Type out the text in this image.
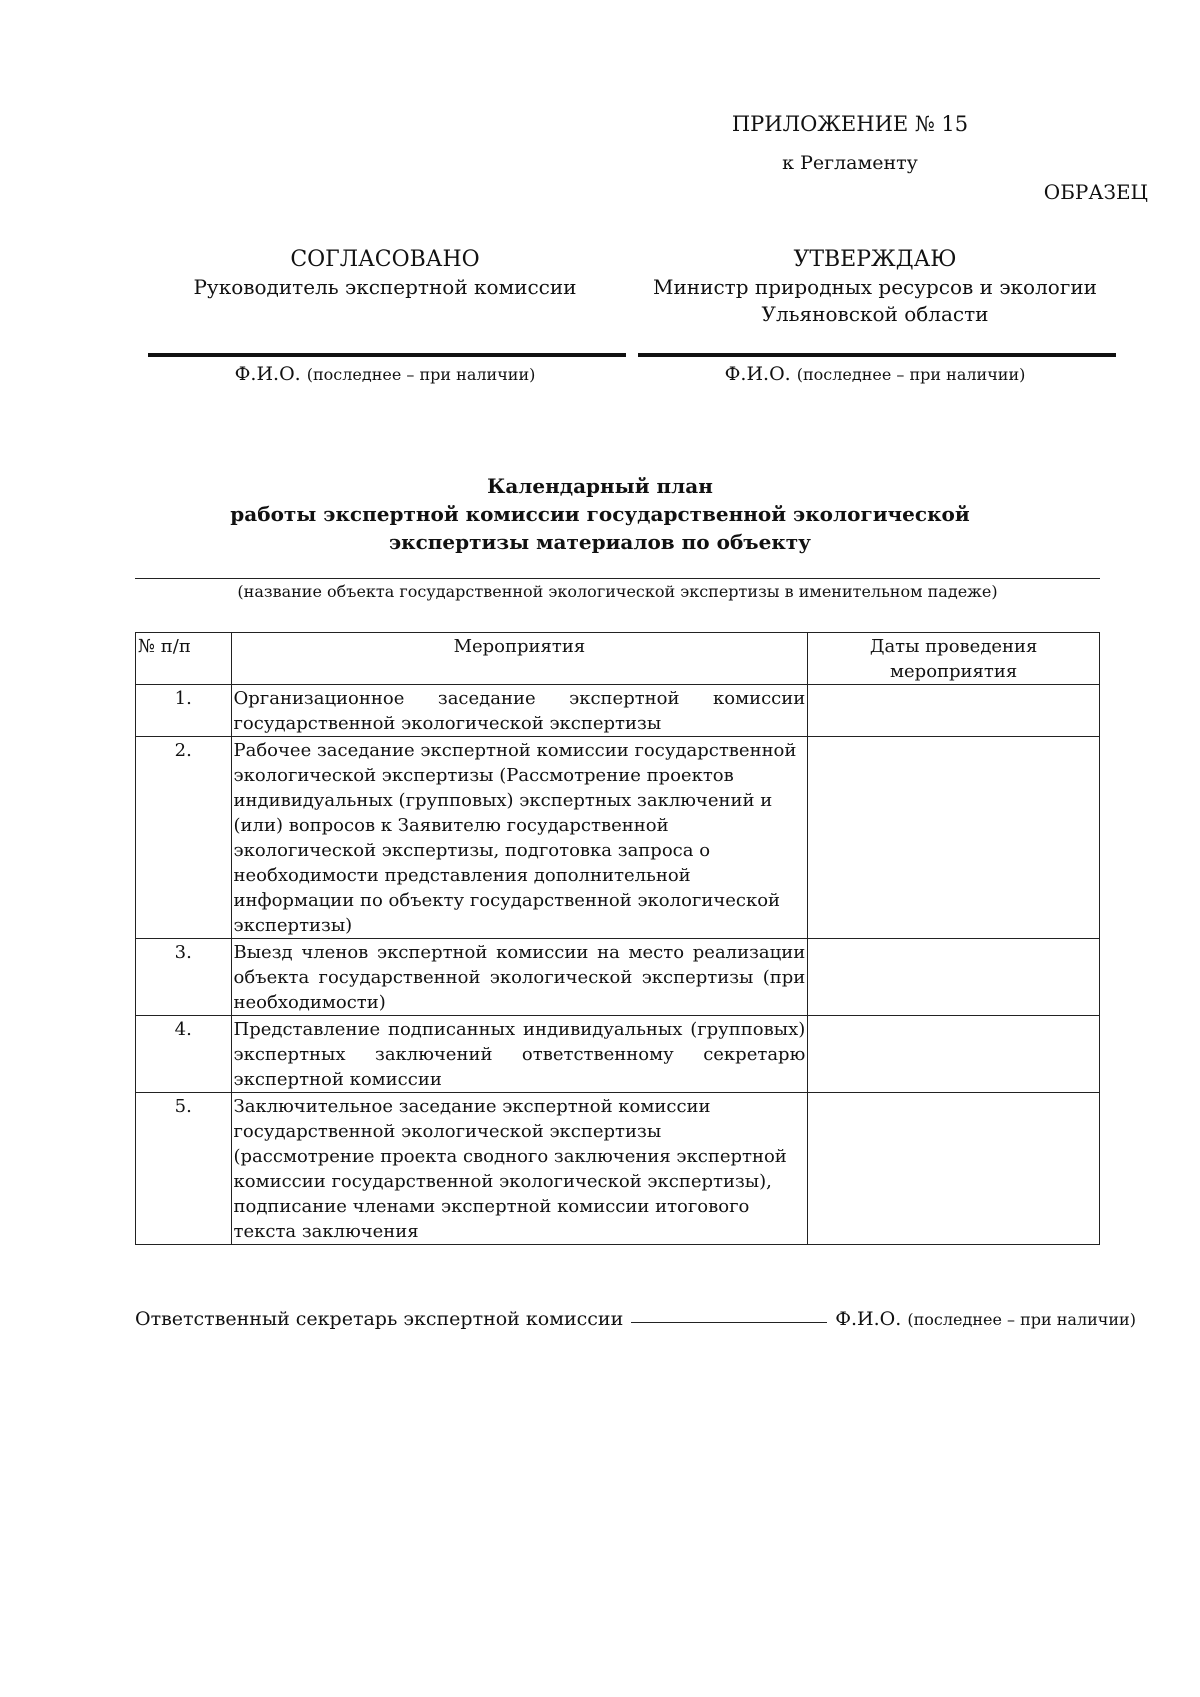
ПРИЛОЖЕНИЕ № 15
к Регламенту
ОБРАЗЕЦ
СОГЛАСОВАНО
Руководитель экспертной комиссии
Ф.И.О. (последнее – при наличии)
УТВЕРЖДАЮ
Министр природных ресурсов и экологии
Ульяновской области
Ф.И.О. (последнее – при наличии)
Календарный план
работы экспертной комиссии государственной экологической
экспертизы материалов по объекту
(название объекта государственной экологической экспертизы в именительном падеже)
№ п/п	Мероприятия	Даты проведения мероприятия
1.	Организационное заседание экспертной комиссии государственной экологической экспертизы	
2.	Рабочее заседание экспертной комиссии государственной экологической экспертизы (Рассмотрение проектов индивидуальных (групповых) экспертных заключений и (или) вопросов к Заявителю государственной экологической экспертизы, подготовка запроса о необходимости представления дополнительной информации по объекту государственной экологической экспертизы)	
3.	Выезд членов экспертной комиссии на место реализации объекта государственной экологической экспертизы (при необходимости)	
4.	Представление подписанных индивидуальных (групповых) экспертных заключений ответственному секретарю экспертной комиссии	
5.	Заключительное заседание экспертной комиссии государственной экологической экспертизы (рассмотрение проекта сводного заключения экспертной комиссии государственной экологической экспертизы), подписание членами экспертной комиссии итогового текста заключения	
Ответственный секретарь экспертной комиссии	Ф.И.О. (последнее – при наличии)
